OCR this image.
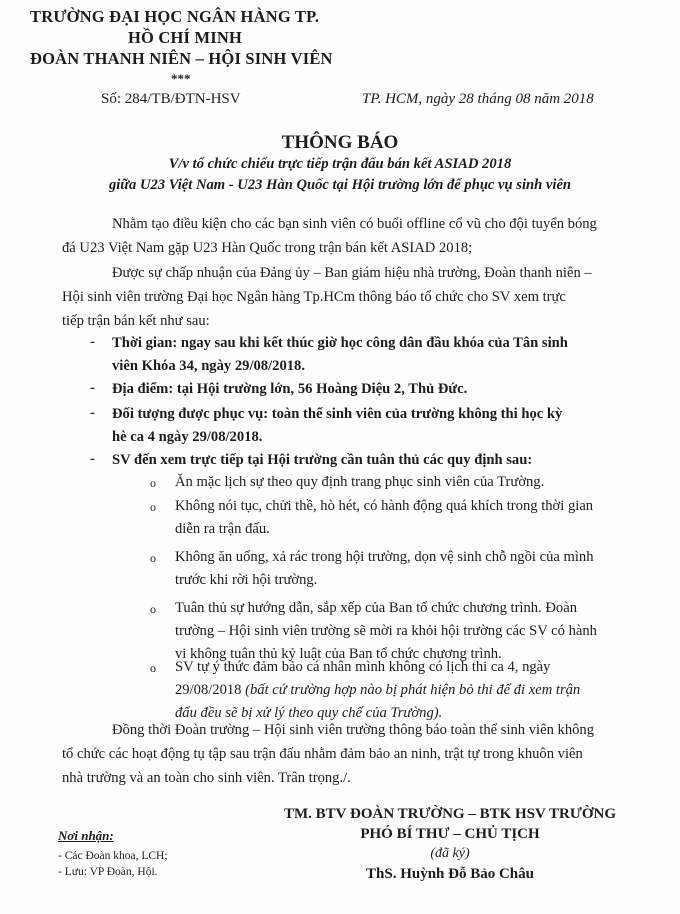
TRƯỜNG ĐẠI HỌC NGÂN HÀNG TP.
HỒ CHÍ MINH
ĐOÀN THANH NIÊN – HỘI SINH VIÊN
***
Số: 284/TB/ĐTN-HSV	TP. HCM, ngày 28 tháng 08 năm 2018
THÔNG BÁO
V/v tổ chức chiếu trực tiếp trận đấu bán kết ASIAD 2018
giữa U23 Việt Nam - U23 Hàn Quốc tại Hội trường lớn để phục vụ sinh viên
Nhằm tạo điều kiện cho các bạn sinh viên có buổi offline cổ vũ cho đội tuyển bóng
đá U23 Việt Nam gặp U23 Hàn Quốc trong trận bán kết ASIAD 2018;
Được sự chấp nhuận của Đảng ủy – Ban giám hiệu nhà trường, Đoàn thanh niên –
Hội sinh viên trường Đại học Ngân hàng Tp.HCm thông báo tổ chức cho SV xem trực
tiếp trận bán kết như sau:
- Thời gian: ngay sau khi kết thúc giờ học công dân đầu khóa của Tân sinh
viên Khóa 34, ngày 29/08/2018.
- Địa điểm: tại Hội trường lớn, 56 Hoàng Diệu 2, Thủ Đức.
- Đối tượng được phục vụ: toàn thể sinh viên của trường không thi học kỳ
hè ca 4 ngày 29/08/2018.
- SV đến xem trực tiếp tại Hội trường cần tuân thủ các quy định sau:
o Ăn mặc lịch sự theo quy định trang phục sinh viên của Trường.
o Không nói tục, chửi thề, hò hét, có hành động quá khích trong thời gian
diễn ra trận đấu.
o Không ăn uống, xả rác trong hội trường, dọn vệ sinh chỗ ngồi của mình
trước khi rời hội trường.
o Tuân thủ sự hướng dẫn, sắp xếp của Ban tổ chức chương trình. Đoàn
trường – Hội sinh viên trường sẽ mời ra khỏi hội trường các SV có hành
vi không tuân thủ kỷ luật của Ban tổ chức chương trình.
o SV tự ý thức đảm bảo cá nhân mình không có lịch thi ca 4, ngày
29/08/2018 (bất cứ trường hợp nào bị phát hiện bỏ thi để đi xem trận
đấu đều sẽ bị xử lý theo quy chế của Trường).
Đồng thời Đoàn trường – Hội sinh viên trường thông báo toàn thể sinh viên không
tổ chức các hoạt động tụ tập sau trận đấu nhằm đảm bảo an ninh, trật tự trong khuôn viên
nhà trường và an toàn cho sinh viên. Trân trọng./.
TM. BTV ĐOÀN TRƯỜNG – BTK HSV TRƯỜNG
PHÓ BÍ THƯ – CHỦ TỊCH
(đã ký)
ThS. Huỳnh Đỗ Bảo Châu
Nơi nhận:
- Các Đoàn khoa, LCH;
- Lưu: VP Đoàn, Hội.
